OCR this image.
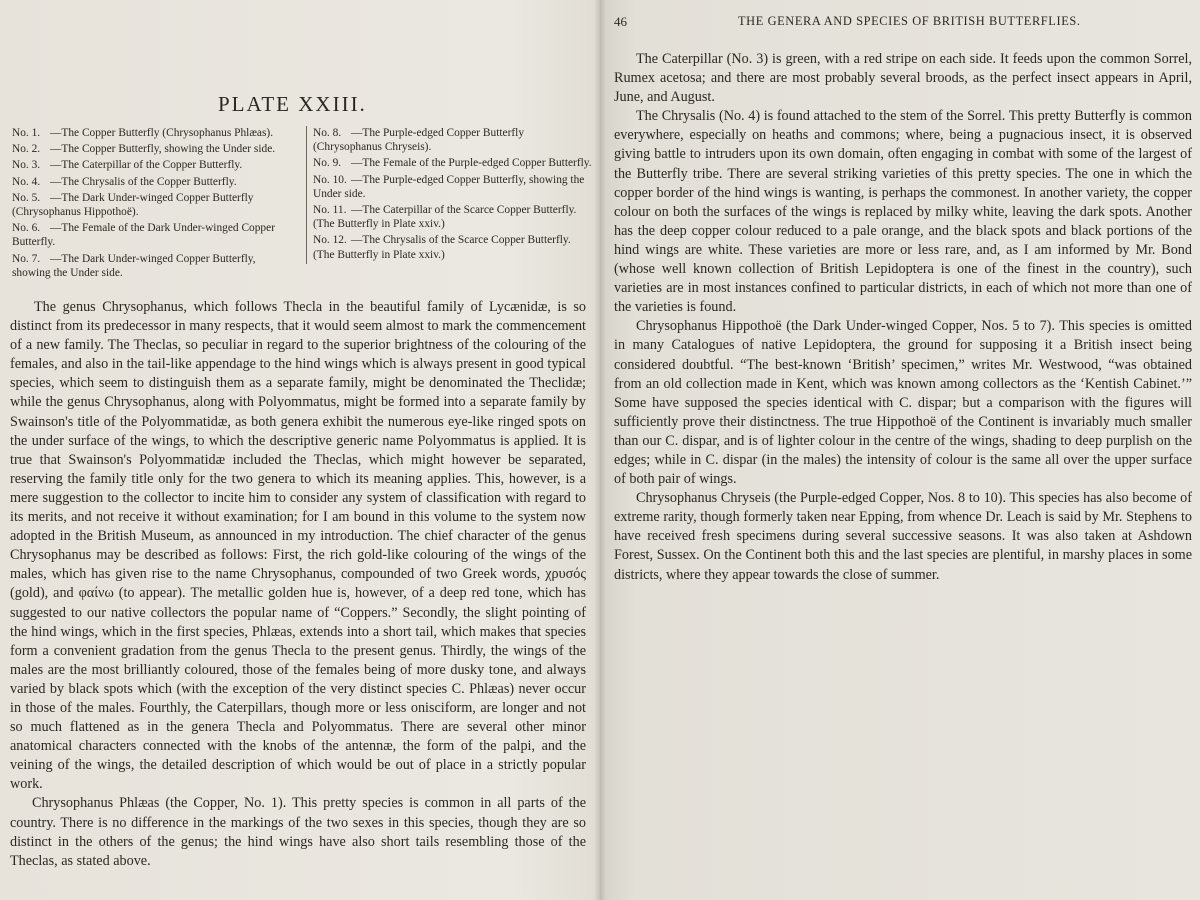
PLATE XXIII.
No. 1. —The Copper Butterfly (Chrysophanus Phlæas).
No. 2. —The Copper Butterfly, showing the Under side.
No. 3. —The Caterpillar of the Copper Butterfly.
No. 4. —The Chrysalis of the Copper Butterfly.
No. 5. —The Dark Under-winged Copper Butterfly (Chrysophanus Hippothoë).
No. 6. —The Female of the Dark Under-winged Copper Butterfly.
No. 7. —The Dark Under-winged Copper Butterfly, showing the Under side.
No. 8. —The Purple-edged Copper Butterfly (Chrysophanus Chryseis).
No. 9. —The Female of the Purple-edged Copper Butterfly.
No. 10. —The Purple-edged Copper Butterfly, showing the Under side.
No. 11. —The Caterpillar of the Scarce Copper Butterfly. (The Butterfly in Plate xxiv.)
No. 12. —The Chrysalis of the Scarce Copper Butterfly. (The Butterfly in Plate xxiv.)

The genus Chrysophanus, which follows Thecla in the beautiful family of Lycænidæ, is so distinct from its predecessor in many respects, that it would seem almost to mark the commencement of a new family. The Theclas, so peculiar in regard to the superior brightness of the colouring of the females, and also in the tail-like appendage to the hind wings which is always present in good typical species, which seem to distinguish them as a separate family, might be denominated the Theclidæ; while the genus Chrysophanus, along with Polyommatus, might be formed into a separate family by Swainson's title of the Polyommatidæ, as both genera exhibit the numerous eye-like ringed spots on the under surface of the wings, to which the descriptive generic name Polyommatus is applied. It is true that Swainson's Polyommatidæ included the Theclas, which might however be separated, reserving the family title only for the two genera to which its meaning applies. This, however, is a mere suggestion to the collector to incite him to consider any system of classification with regard to its merits, and not receive it without examination; for I am bound in this volume to the system now adopted in the British Museum, as announced in my introduction. The chief character of the genus Chrysophanus may be described as follows: First, the rich gold-like colouring of the wings of the males, which has given rise to the name Chrysophanus, compounded of two Greek words, χρυσός (gold), and φαίνω (to appear). The metallic golden hue is, however, of a deep red tone, which has suggested to our native collectors the popular name of “Coppers.” Secondly, the slight pointing of the hind wings, which in the first species, Phlæas, extends into a short tail, which makes that species form a convenient gradation from the genus Thecla to the present genus. Thirdly, the wings of the males are the most brilliantly coloured, those of the females being of more dusky tone, and always varied by black spots which (with the exception of the very distinct species C. Phlæas) never occur in those of the males. Fourthly, the Caterpillars, though more or less onisciform, are longer and not so much flattened as in the genera Thecla and Polyommatus. There are several other minor anatomical characters connected with the knobs of the antennæ, the form of the palpi, and the veining of the wings, the detailed description of which would be out of place in a strictly popular work.

Chrysophanus Phlæas (the Copper, No. 1). This pretty species is common in all parts of the country. There is no difference in the markings of the two sexes in this species, though they are so distinct in the others of the genus; the hind wings have also short tails resembling those of the Theclas, as stated above.

46	THE GENERA AND SPECIES OF BRITISH BUTTERFLIES.

The Caterpillar (No. 3) is green, with a red stripe on each side. It feeds upon the common Sorrel, Rumex acetosa; and there are most probably several broods, as the perfect insect appears in April, June, and August.

The Chrysalis (No. 4) is found attached to the stem of the Sorrel. This pretty Butterfly is common everywhere, especially on heaths and commons; where, being a pugnacious insect, it is observed giving battle to intruders upon its own domain, often engaging in combat with some of the largest of the Butterfly tribe. There are several striking varieties of this pretty species. The one in which the copper border of the hind wings is wanting, is perhaps the commonest. In another variety, the copper colour on both the surfaces of the wings is replaced by milky white, leaving the dark spots. Another has the deep copper colour reduced to a pale orange, and the black spots and black portions of the hind wings are white. These varieties are more or less rare, and, as I am informed by Mr. Bond (whose well known collection of British Lepidoptera is one of the finest in the country), such varieties are in most instances confined to particular districts, in each of which not more than one of the varieties is found.

Chrysophanus Hippothoë (the Dark Under-winged Copper, Nos. 5 to 7). This species is omitted in many Catalogues of native Lepidoptera, the ground for supposing it a British insect being considered doubtful. “The best-known ‘British’ specimen,” writes Mr. Westwood, “was obtained from an old collection made in Kent, which was known among collectors as the ‘Kentish Cabinet.’” Some have supposed the species identical with C. dispar; but a comparison with the figures will sufficiently prove their distinctness. The true Hippothoë of the Continent is invariably much smaller than our C. dispar, and is of lighter colour in the centre of the wings, shading to deep purplish on the edges; while in C. dispar (in the males) the intensity of colour is the same all over the upper surface of both pair of wings.

Chrysophanus Chryseis (the Purple-edged Copper, Nos. 8 to 10). This species has also become of extreme rarity, though formerly taken near Epping, from whence Dr. Leach is said by Mr. Stephens to have received fresh specimens during several successive seasons. It was also taken at Ashdown Forest, Sussex. On the Continent both this and the last species are plentiful, in marshy places in some districts, where they appear towards the close of summer.
